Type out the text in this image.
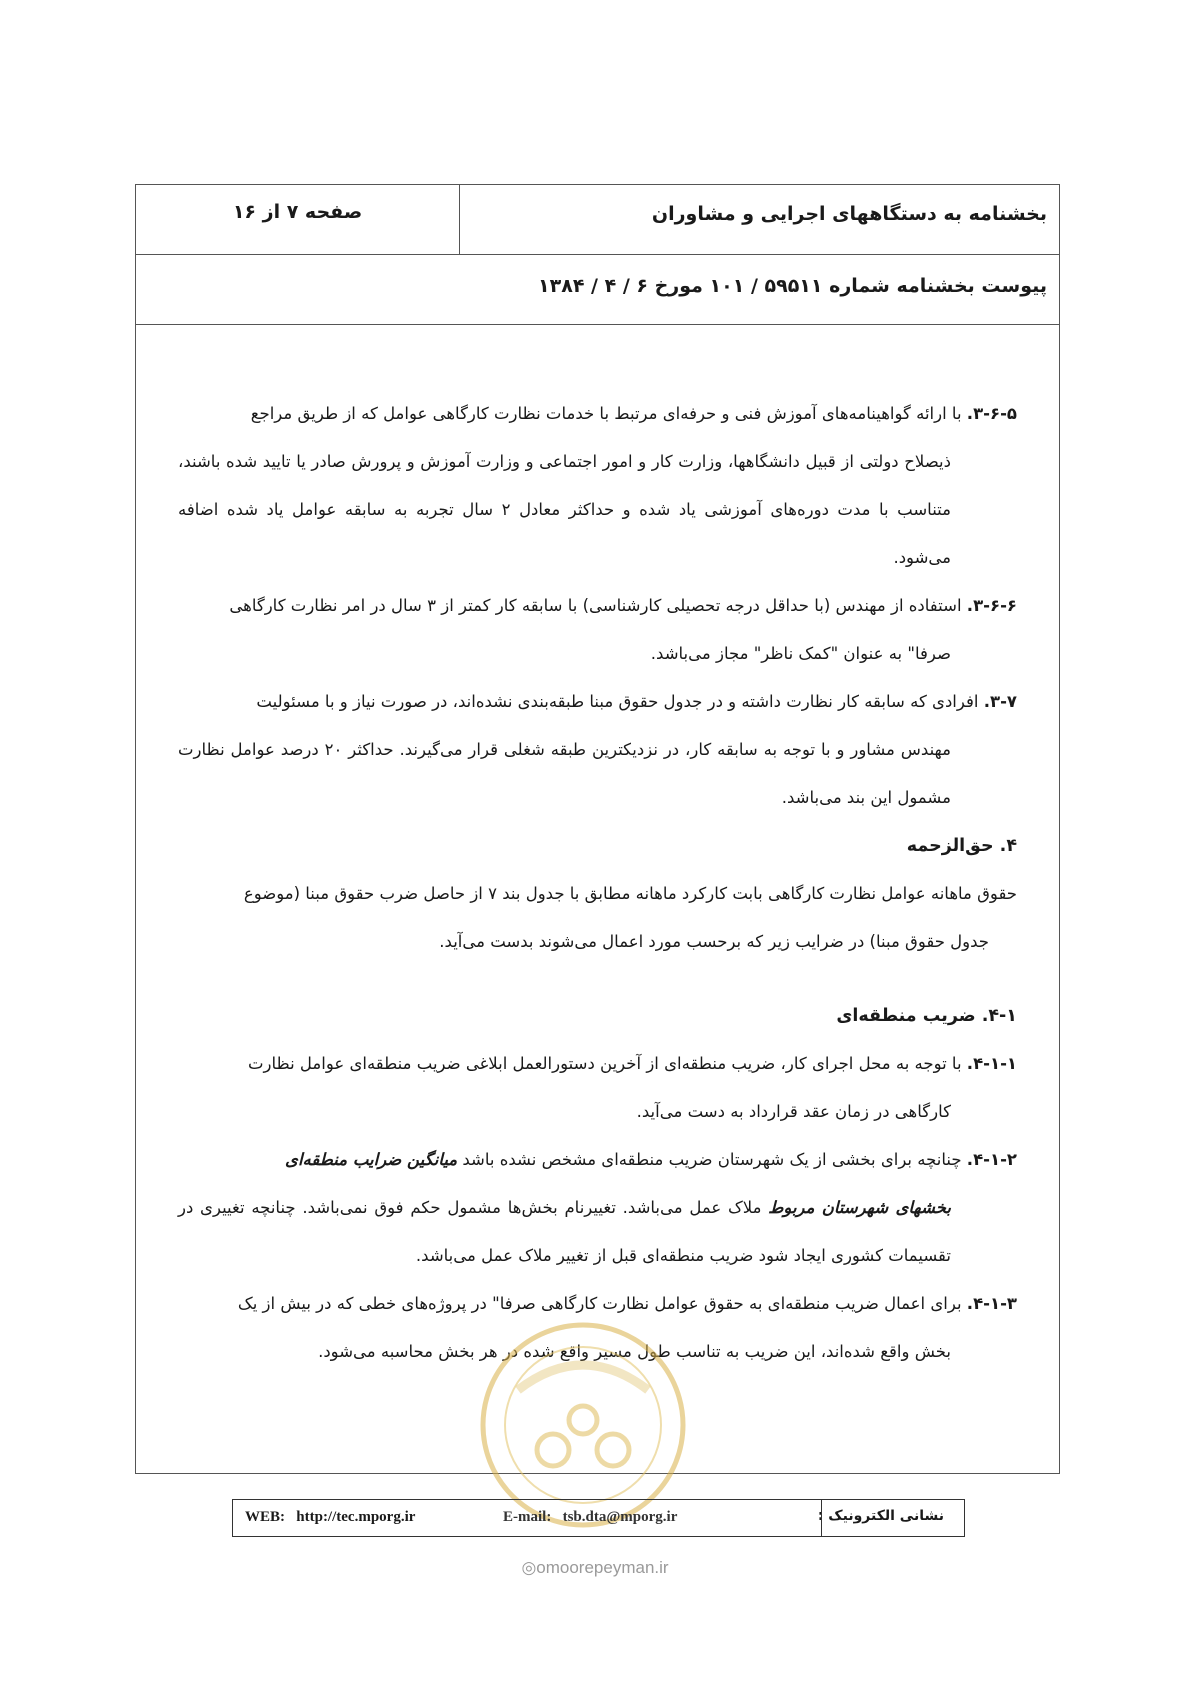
بخشنامه به دستگاههای اجرایی و مشاوران
صفحه ۷ از ۱۶
پیوست بخشنامه شماره ۵۹۵۱۱ / ۱۰۱ مورخ ۶ / ۴ / ۱۳۸۴

۳-۶-۵. با ارائه گواهینامه‌های آموزش فنی و حرفه‌ای مرتبط با خدمات نظارت کارگاهی عوامل که از طریق مراجع
ذیصلاح دولتی از قبیل دانشگاهها، وزارت کار و امور اجتماعی و وزارت آموزش و پرورش صادر یا تایید شده باشند، متناسب با مدت دوره‌های آموزشی یاد شده و حداکثر معادل ۲ سال تجربه به سابقه عوامل یاد شده اضافه می‌شود.

۳-۶-۶. استفاده از مهندس (با حداقل درجه تحصیلی کارشناسی) با سابقه کار کمتر از ۳ سال در امر نظارت کارگاهی
صرفا" به عنوان "کمک ناظر" مجاز می‌باشد.

۳-۷. افرادی که سابقه کار نظارت داشته و در جدول حقوق مبنا طبقه‌بندی نشده‌اند، در صورت نیاز و با مسئولیت
مهندس مشاور و با توجه به سابقه کار، در نزدیکترین طبقه شغلی قرار می‌گیرند. حداکثر ۲۰ درصد عوامل نظارت مشمول این بند می‌باشد.

۴. حق‌الزحمه

حقوق ماهانه عوامل نظارت کارگاهی بابت کارکرد ماهانه مطابق با جدول بند ۷ از حاصل ضرب حقوق مبنا (موضوع
جدول حقوق مبنا) در ضرایب زیر که برحسب مورد اعمال می‌شوند بدست می‌آید.

۴-۱. ضریب منطقه‌ای

۴-۱-۱. با توجه به محل اجرای کار، ضریب منطقه‌ای از آخرین دستورالعمل ابلاغی ضریب منطقه‌ای عوامل نظارت
کارگاهی در زمان عقد قرارداد به دست می‌آید.

۴-۱-۲. چنانچه برای بخشی از یک شهرستان ضریب منطقه‌ای مشخص نشده باشد میانگین ضرایب منطقه‌ای
بخشهای شهرستان مربوط ملاک عمل می‌باشد. تغییرنام بخش‌ها مشمول حکم فوق نمی‌باشد. چنانچه تغییری در تقسیمات کشوری ایجاد شود ضریب منطقه‌ای قبل از تغییر ملاک عمل می‌باشد.

۴-۱-۳. برای اعمال ضریب منطقه‌ای به حقوق عوامل نظارت کارگاهی صرفا" در پروژه‌های خطی که در بیش از یک
بخش واقع شده‌اند، این ضریب به تناسب طول مسیر واقع شده در هر بخش محاسبه می‌شود.

نشانی الکترونیک :
E-mail: tsb.dta@mporg.ir
WEB: http://tec.mporg.ir
◎omoorepeyman.ir
